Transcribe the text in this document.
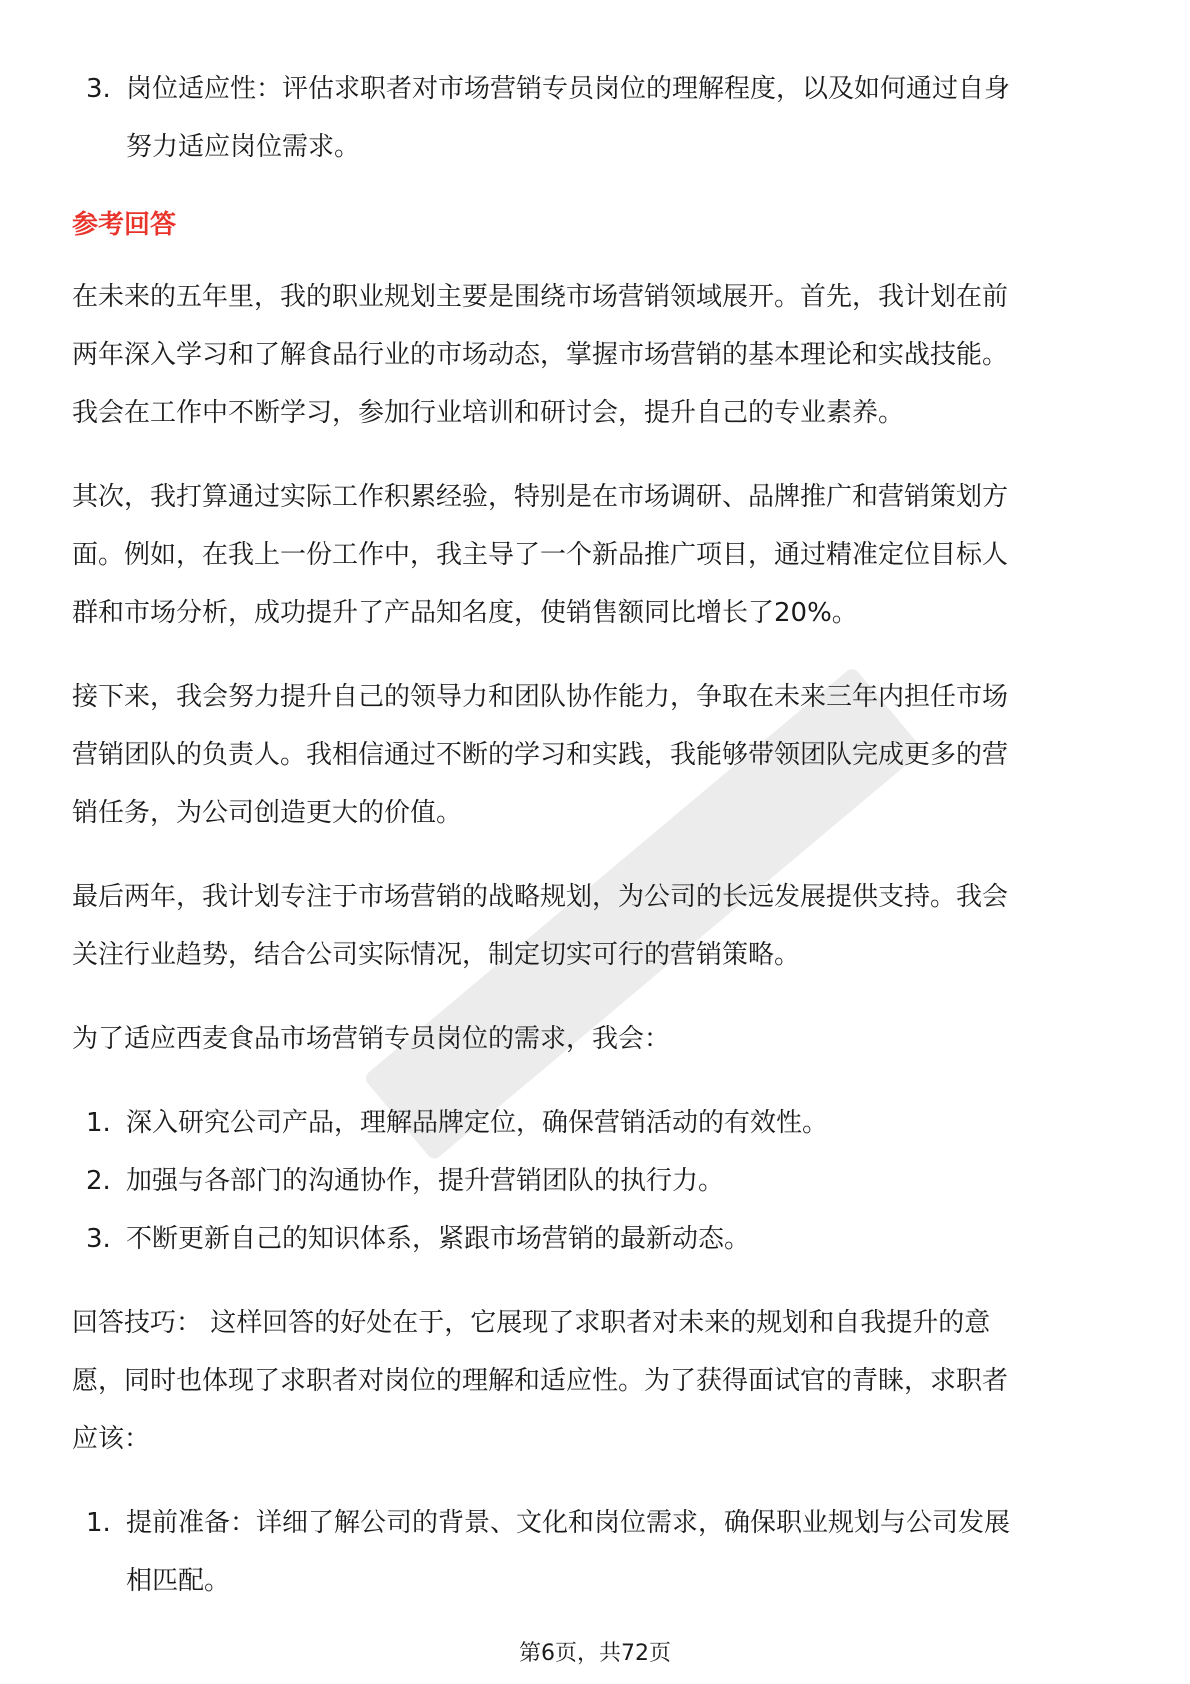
3. 岗位适应性：评估求职者对市场营销专员岗位的理解程度，以及如何通过自身
努力适应岗位需求。
参考回答
在未来的五年里，我的职业规划主要是围绕市场营销领域展开。首先，我计划在前
两年深入学习和了解食品行业的市场动态，掌握市场营销的基本理论和实战技能。
我会在工作中不断学习，参加行业培训和研讨会，提升自己的专业素养。
其次，我打算通过实际工作积累经验，特别是在市场调研、品牌推广和营销策划方
面。例如，在我上一份工作中，我主导了一个新品推广项目，通过精准定位目标人
群和市场分析，成功提升了产品知名度，使销售额同比增长了20%。
接下来，我会努力提升自己的领导力和团队协作能力，争取在未来三年内担任市场
营销团队的负责人。我相信通过不断的学习和实践，我能够带领团队完成更多的营
销任务，为公司创造更大的价值。
最后两年，我计划专注于市场营销的战略规划，为公司的长远发展提供支持。我会
关注行业趋势，结合公司实际情况，制定切实可行的营销策略。
为了适应西麦食品市场营销专员岗位的需求，我会：
1. 深入研究公司产品，理解品牌定位，确保营销活动的有效性。
2. 加强与各部门的沟通协作，提升营销团队的执行力。
3. 不断更新自己的知识体系，紧跟市场营销的最新动态。
回答技巧： 这样回答的好处在于，它展现了求职者对未来的规划和自我提升的意
愿，同时也体现了求职者对岗位的理解和适应性。为了获得面试官的青睐，求职者
应该：
1. 提前准备：详细了解公司的背景、文化和岗位需求，确保职业规划与公司发展
相匹配。
第6页，共72页
